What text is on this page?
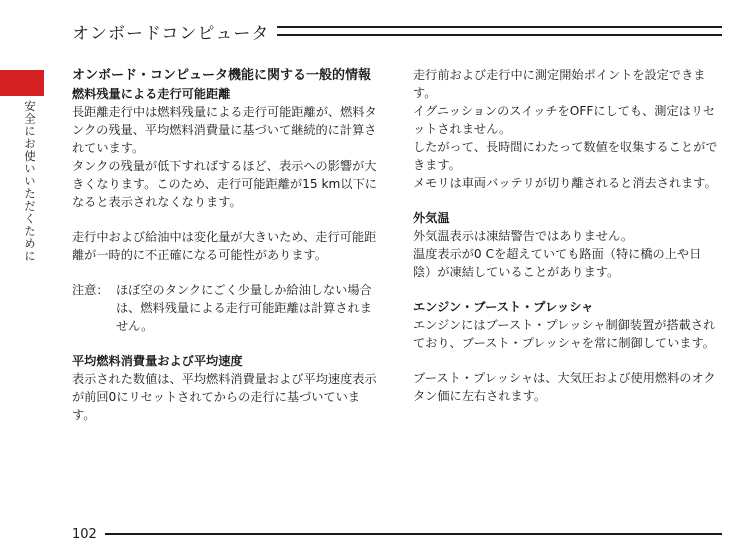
オンボードコンピュータ
安全にお使いいただくために

オンボード・コンピュータ機能に関する一般的情報

燃料残量による走行可能距離

長距離走行中は燃料残量による走行可能距離が、燃料タンクの残量、平均燃料消費量に基づいて継続的に計算されています。

タンクの残量が低下すればするほど、表示への影響が大きくなります。このため、走行可能距離が15 km以下になると表示されなくなります。

走行中および給油中は変化量が大きいため、走行可能距離が一時的に不正確になる可能性があります。

注意： ほぼ空のタンクにごく少量しか給油しない場合は、燃料残量による走行可能距離は計算されません。

平均燃料消費量および平均速度

表示された数値は、平均燃料消費量および平均速度表示が前回0にリセットされてからの走行に基づいています。

走行前および走行中に測定開始ポイントを設定できます。

イグニッションのスイッチをOFFにしても、測定はリセットされません。

したがって、長時間にわたって数値を収集することができます。

メモリは車両バッテリが切り離されると消去されます。

外気温

外気温表示は凍結警告ではありません。

温度表示が0 Cを超えていても路面（特に橋の上や日陰）が凍結していることがあります。

エンジン・ブースト・プレッシャ

エンジンにはブースト・プレッシャ制御装置が搭載されており、ブースト・プレッシャを常に制御しています。

ブースト・プレッシャは、大気圧および使用燃料のオクタン価に左右されます。

102
